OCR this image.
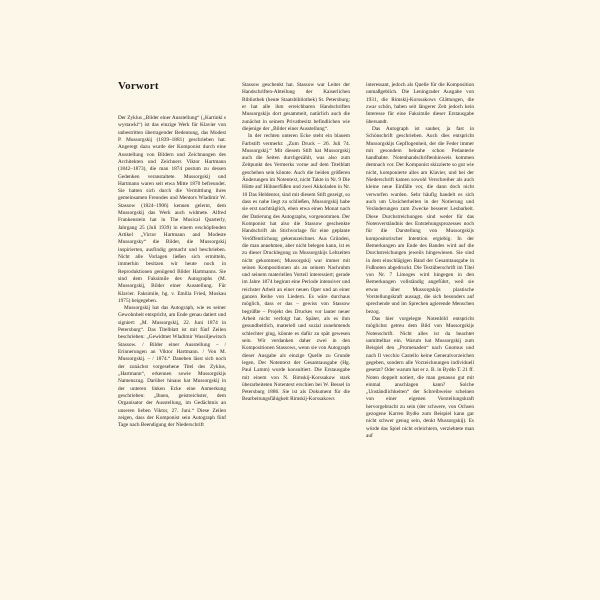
Vorwort

Der Zyklus „Bilder einer Ausstellung“ („Kartinki s wystawki“) ist das einzige Werk für Klavier von unbestritten überragender Bedeutung, das Modest P. Mussorgskij (1839–1881) geschrieben hat. Angeregt dazu wurde der Komponist durch eine Ausstellung von Bildern und Zeichnungen des Architekten und Zeichners Viktor Hartmann (1842–1873), die man 1874 postum zu dessen Gedenken veranstaltete. Mussorgskij und Hartmann waren seit etwa Mitte 1870 befreundet. Sie hatten sich durch die Vermittlung ihres gemeinsamen Freundes und Mentors Wladimir W. Stassow (1824–1906) kennen gelernt, dem Mussorgskij das Werk auch widmete. Alfred Frankenstein hat in The Musical Quarterly, Jahrgang 25 (Juli 1939) in einem erschöpfenden Artikel „Victor Hartmann and Modeste Mussorgsky“ die Bilder, die Mussorgskij inspirierten, ausfindig gemacht und beschrieben. Nicht alle Vorlagen ließen sich ermitteln, immerhin besitzen wir heute noch in Reproduktionen genügend Bilder Hartmanns. Sie sind dem Faksimile des Autographs (M. Mussorgskij, Bilder einer Ausstellung. Für Klavier. Faksimile, hg. v. Emilia Fried, Moskau 1975) beigegeben.

Mussorgskij hat das Autograph, wie es seiner Gewohnheit entspricht, am Ende genau datiert und signiert: „M. Mussorgskij, 22. Juni 1874 in Petersburg“. Das Titelblatt ist mit fünf Zeilen beschrieben: „Gewidmet Wladimir Wassiljewitsch Stassow. / Bilder einer Ausstellung – / Erinnerungen an Viktor Hartmann. / Von M. Mussorgskij. – / 1874.“ Daneben lässt sich noch der zunächst vorgesehene Titel des Zyklus, „Hartmann“, erkennen sowie Mussorgskijs Namenszug. Darüber hinaus hat Mussorgskij in der unteren linken Ecke eine Anmerkung geschrieben: „Ihnen, geistreichster, dem Organisator der Ausstellung, im Gedächtnis an unseren lieben Viktor, 27. Juni.“ Diese Zeilen zeigen, dass der Komponist sein Autograph fünf Tage nach Beendigung der Niederschrift

Stassow geschenkt hat. Stassow war Leiter der Handschriften-Abteilung der Kaiserlichen Bibliothek (heute Staatsbibliothek) St. Petersburg; er hat alle ihm erreichbaren Handschriften Mussorgskijs dort gesammelt, natürlich auch die zunächst in seinem Privatbesitz befindlichen wie diejenige der „Bilder einer Ausstellung“.

In der rechten unteren Ecke steht ein blauem Farbstift vermerkt: „Zum Druck – 26. Juli 74. Mussorgskij.“ Mit diesem Stift hat Mussorgskij auch die Seiten durchgezählt, was also zum Zeitpunkt des Vermerks vorne auf dem Titelblatt geschehen sein könnte. Auch die beiden größeren Änderungen im Notentext, nicht Takte in Nr. 9 Die Hütte auf Hühnerfüßen und zwei Akkoladen in Nr. 10 Das Heldentor, sind mit diesem Stift gezeigt, so dass es nahe liegt zu schließen, Mussorgskij habe sie erst nachträglich, eben etwa einen Monat nach der Datierung des Autographs, vorgenommen. Der Komponist hat also die Stassow geschenkte Handschrift als Stichvorlage für eine geplante Veröffentlichung gekennzeichnet. Aus Gründen, die man annehmen, aber nicht belegen kann, ist es zu dieser Drucklegung zu Mussorgskijs Lebzeiten nicht gekommen; Mussorgskij war immer mit seinen Kompositionen als an seinem Nachruhm und seinem materiellen Vorteil interessiert; gerade im Jahre 1874 beginnt eine Periode intensiver und reichster Arbeit an einer neuen Oper und an einer ganzen Reihe von Liedern. Es wäre durchaus möglich, dass er das – gewiss von Stassow begrüßte – Projekt des Druckes vor lauter neuer Arbeit nicht verfolgt hat. Später, als es ihm gesundheitlich, materiell und sozial zunehmends schlechter ging, könnte es dafür zu spät gewesen sein. Wir verdanken daher zwei in den Kompositionen Stassows, wenn sie von Autograph dieser Ausgabe als einzige Quelle zu Grunde legen. Der Notentext der Gesamtausgabe (Hg. Paul Lamm) wurde konsultiert. Die Erstausgabe mit einem von N. Rimskij-Korssakow stark überarbeiteten Notentext erschien bei W. Bessel in Petersburg 1886. Sie ist als Dokument für die Bearbeitungsfähigkeit Rimskij-Korssakows

interessant, jedoch als Quelle für die Komposition unmaßgeblich. Die Leningrader Ausgabe von 1931, die Rimskij-Korssakows Glättungen, die zwar schön, haben seit längerer Zeit jedoch kein Interesse für eine Faksimile dieser Erstausgabe übersandt.

Das Autograph ist sauber, ja fast in Schönschrift geschrieben. Auch dies entspricht Mussorgskijs Gepflogenheit, der die Feder immer mit gesondem beinahe schon Pedanterie handhabte. Notenhandschriftenhinweis kommen demnach vor. Der Komponist skizzierte so gut wie nicht, komponierte alles am Klavier, und bei der Niederschrift kamen sowohl Verschreiber als auch kleine neue Einfälle vor, die dann doch nicht verworfen wurden. Sehr häufig handelt es sich auch um Unsicherheiten in der Notierung und Veränderungen zum Zwecke besserer Lesbarkeit. Diese Durchstreichungen sind weder für das Notenverständnis des Entstehungsprozesses noch für die Darstellung von Mussorgskijs kompositorischer Intention ergiebig. In der Bemerkungen am Ende des Bandes wird auf die Durchstreichungen jeweils hingewiesen. Sie sind in dem einschlägigen Band der Gesamtausgabe in Fußnoten abgedruckt. Die Textüberschrift im Titel von Nr. 7 Limoges wird hingegen in den Bemerkungen vollständig angeführt, weil sie etwas über Mussorgskijs plastische Vorstellungskraft aussagt, die sich besonders auf sprechende und im Sprechen agierende Menschen bezog.

Das hier vorgelegte Notenbild entspricht möglichst getreu dem Bild von Mussorgskijs Notenschrift. Nicht alles ist da beachtet unmittelbar ein. Warum hat Mussorgskij zum Beispiel den „Promenaden“ nach Gnomus und nach Il vecchio Castello keine Generalvorzeichen gegeben, sondern alle Vorzeichnungen individuell gesetzt? Oder warum hat er z. B. in Bydło T. 21 ff. Noten doppelt notiert, die man genauso gut mit einmal anschlagen kann? Solche „Unständlichkeiten“ der Schreibweise scheinen von einer eigenen Vorstellungskraft hervorgebracht zu sein (der schwere, von Ochsen gezogene Karren Bydło zum Beispiel kann gar nicht schwer genug sein, denkt Mussorgskij). Es würde das Spiel nicht erleichtern, verziehtete man auf
